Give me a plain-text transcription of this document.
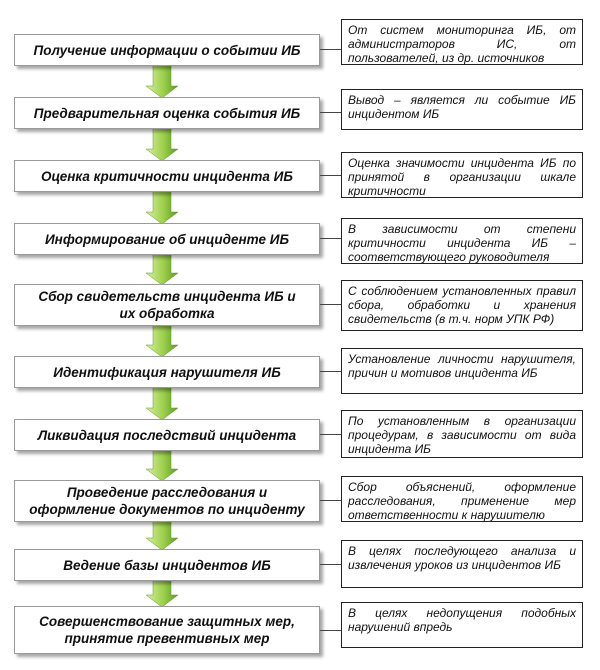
Получение информации о событии ИБ
От систем мониторинга ИБ, от администраторов ИС, от пользователей, из др. источников
Предварительная оценка события ИБ
Вывод – является ли событие ИБ инцидентом ИБ
Оценка критичности инцидента ИБ
Оценка значимости инцидента ИБ по принятой в организации шкале критичности
Информирование об инциденте ИБ
В зависимости от степени критичности инцидента ИБ – соответствующего руководителя
Сбор свидетельств инцидента ИБ и
их обработка
С соблюдением установленных правил сбора, обработки и хранения свидетельств (в т.ч. норм УПК РФ)
Идентификация нарушителя ИБ
Установление личности нарушителя, причин и мотивов инцидента ИБ
Ликвидация последствий инцидента
По установленным в организации процедурам, в зависимости от вида инцидента ИБ
Проведение расследования и
оформление документов по инциденту
Сбор объяснений, оформление расследования, применение мер ответственности к нарушителю
Ведение базы инцидентов ИБ
В целях последующего анализа и извлечения уроков из инцидентов ИБ
Совершенствование защитных мер,
принятие превентивных мер
В целях недопущения подобных нарушений впредь
